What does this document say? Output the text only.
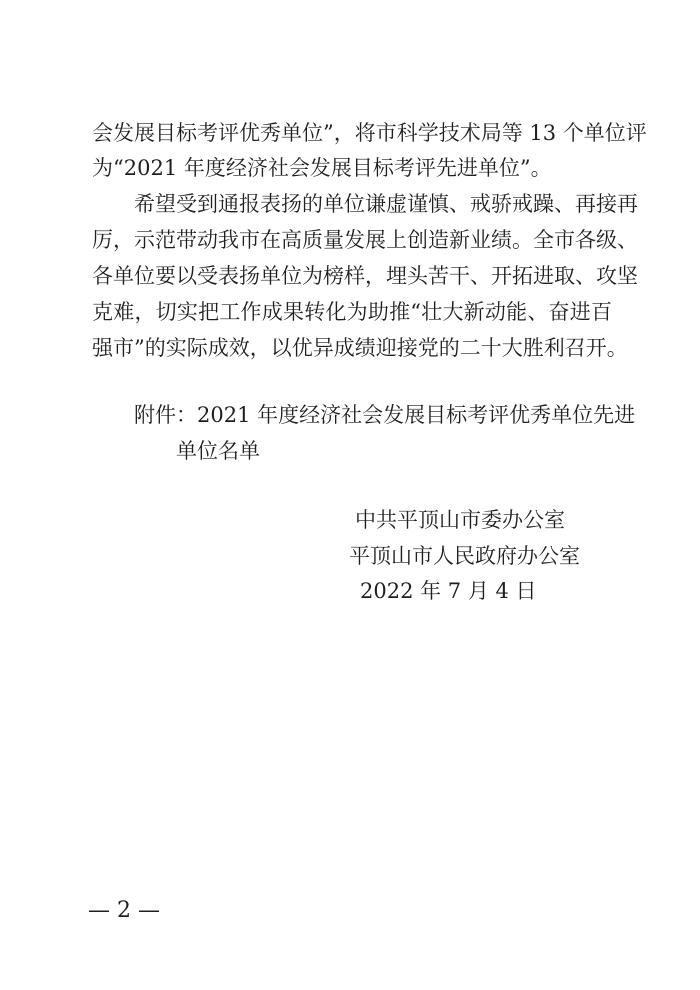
会发展目标考评优秀单位”，将市科学技术局等 13 个单位评
为“2021 年度经济社会发展目标考评先进单位”。
希望受到通报表扬的单位谦虚谨慎、戒骄戒躁、再接再
厉，示范带动我市在高质量发展上创造新业绩。全市各级、
各单位要以受表扬单位为榜样，埋头苦干、开拓进取、攻坚
克难，切实把工作成果转化为助推“壮大新动能、奋进百
强市”的实际成效，以优异成绩迎接党的二十大胜利召开。
附件：2021 年度经济社会发展目标考评优秀单位先进
单位名单
中共平顶山市委办公室
平顶山市人民政府办公室
2022 年 7 月 4 日
— 2 —
